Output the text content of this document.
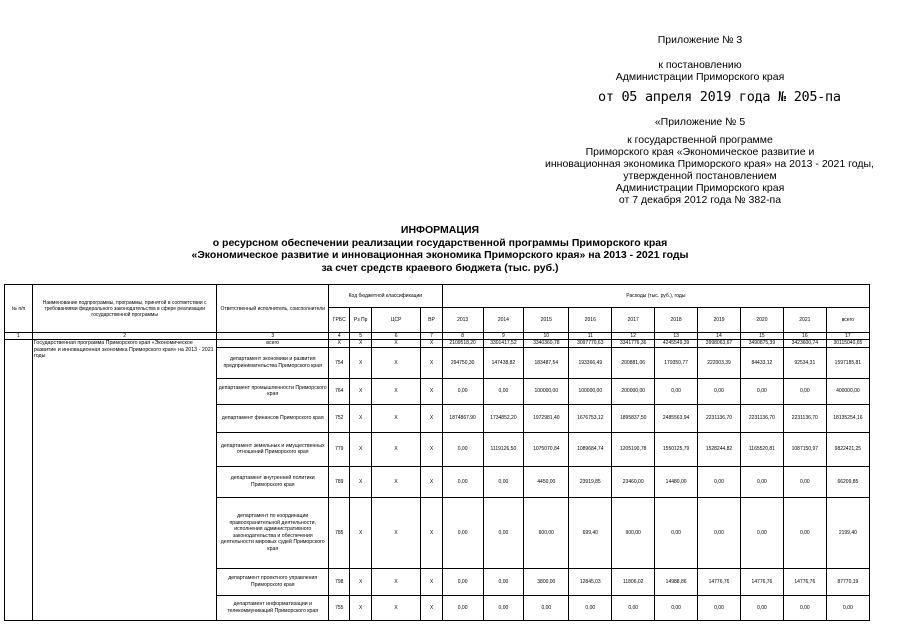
Приложение № 3
к постановлению
Администрации Приморского края
от 05 апреля 2019 года № 205-па
«Приложение № 5
к государственной программе
Приморского края «Экономическое развитие и
инновационная экономика Приморского края» на 2013 - 2021 годы,
утвержденной постановлением
Администрации Приморского края
от 7 декабря 2012 года № 382-па
ИНФОРМАЦИЯ
о ресурсном обеспечении реализации государственной программы Приморского края
«Экономическое развитие и инновационная экономика Приморского края» на 2013 - 2021 годы
за счет средств краевого бюджета (тыс. руб.)
№ п/п	Наименование подпрограммы, программы, принятой в соответствии с требованиями федерального законодательства в сфере реализации государственной программы	Ответственный исполнитель, соисполнители	Код бюджетной классификации				Расходы (тыс. руб.), годы									
			ГРБС	Рз Пр	ЦСР	ВР	2013	2014	2015	2016	2017	2018	2019	2020	2021	всего
1	2	3	4	5	6	7	8	9	10	11	12	13	14	15	16	17
	Государственная программа Приморского края «Экономическое развитие и инновационная экономика Приморского края» на 2013 - 2021 годы	всего	X	X	X	X	2109518,20	3301417,52	3340360,78	3097770,63	3341776,36	4245549,39	3998063,67	3490875,39	3423600,74	30115040,65
		департамент экономики и развития предпринимательства Приморского края	754	X	X	X	294750,30	147438,82	183487,54	193366,49	200881,06	179350,77	222003,39	84433,12	92534,31	1597185,81
		департамент промышленности Приморского края	764	X	X	X	0,00	0,00	100000,00	100000,00	200000,00	0,00	0,00	0,00	0,00	400000,00
		департамент финансов Приморского края	752	X	X	X	1874867,90	1734852,20	1972981,40	1676753,12	1895837,50	2485563,94	2231136,70	2231136,70	2231136,70	18135254,16
		департамент земельных и имущественных отношений Приморского края	779	X	X	X	0,00	1119126,50	1075070,84	1089684,74	1205190,78	1550125,79	1528244,82	1165520,81	1087150,97	9822421,25
		департамент внутренней политики Приморского края	789	X	X	X	0,00	0,00	4450,00	23919,85	23460,00	14480,00	0,00	0,00	0,00	66209,85
		департамент по координации правоохранительной деятельности, исполнения административного законодательства и обеспечения деятельности мировых судей Приморского края	785	X	X	X	0,00	0,00	600,00	699,40	900,00	0,00	0,00	0,00	0,00	2199,40
		департамент проектного управления Приморского края	798	X	X	X	0,00	0,00	3800,00	12845,03	11806,02	14988,86	14776,76	14776,76	14776,76	87770,19
		департамент информатизации и телекоммуникаций Приморского края	755	X	X	X	0,00	0,00	0,00	0,00	0,00	0,00	0,00	0,00	0,00	0,00
